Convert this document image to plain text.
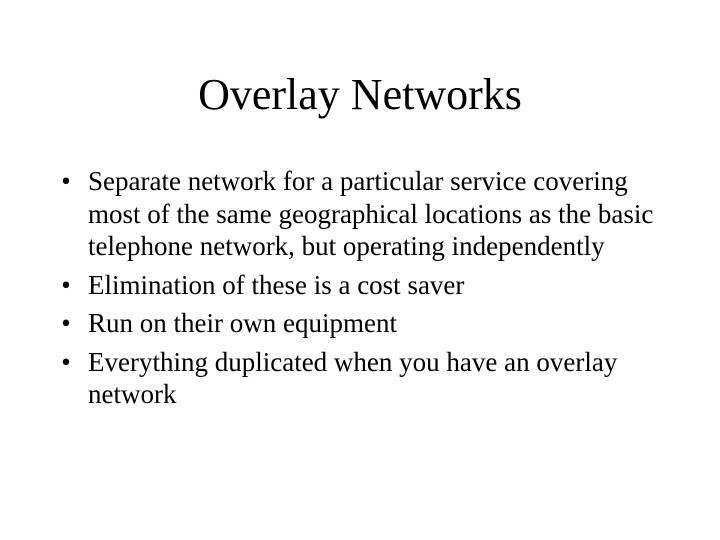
Overlay Networks
• Separate network for a particular service covering most of the same geographical locations as the basic telephone network, but operating independently
• Elimination of these is a cost saver
• Run on their own equipment
• Everything duplicated when you have an overlay network
